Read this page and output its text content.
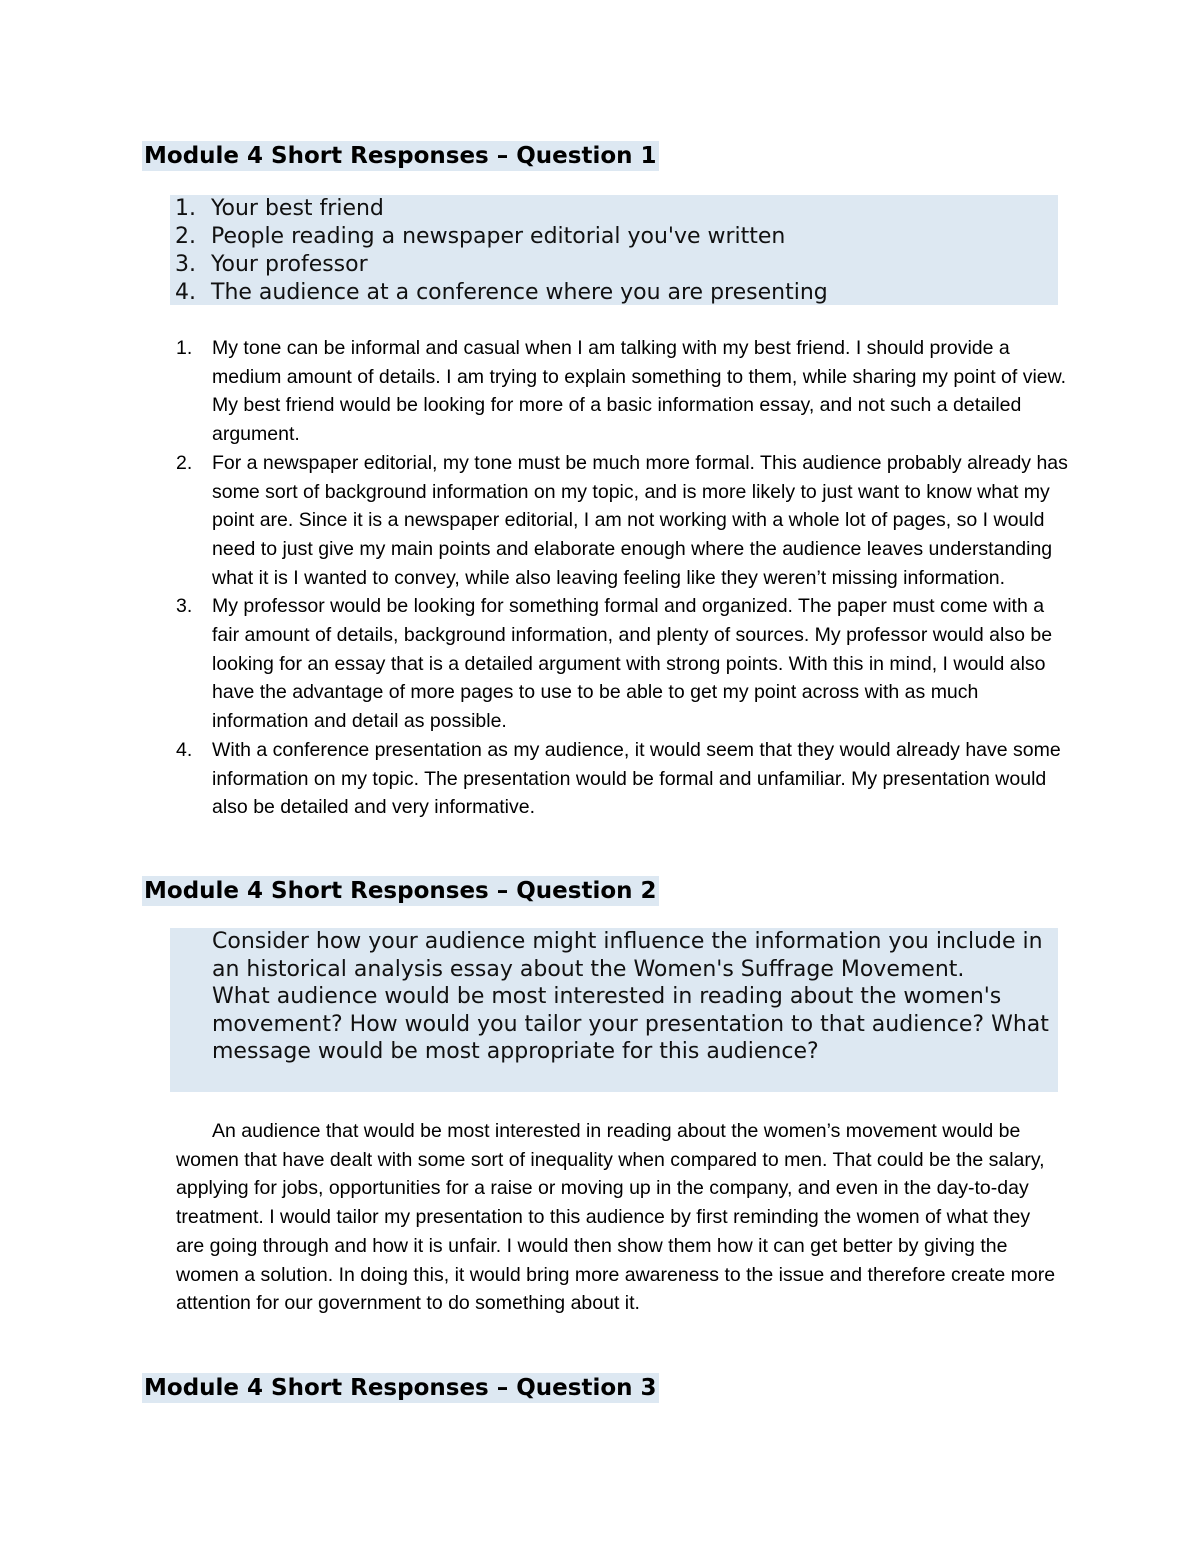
Module 4 Short Responses – Question 1
1. Your best friend
2. People reading a newspaper editorial you've written
3. Your professor
4. The audience at a conference where you are presenting
1. My tone can be informal and casual when I am talking with my best friend. I should provide a medium amount of details. I am trying to explain something to them, while sharing my point of view. My best friend would be looking for more of a basic information essay, and not such a detailed argument.
2. For a newspaper editorial, my tone must be much more formal. This audience probably already has some sort of background information on my topic, and is more likely to just want to know what my point are. Since it is a newspaper editorial, I am not working with a whole lot of pages, so I would need to just give my main points and elaborate enough where the audience leaves understanding what it is I wanted to convey, while also leaving feeling like they weren’t missing information.
3. My professor would be looking for something formal and organized. The paper must come with a fair amount of details, background information, and plenty of sources. My professor would also be looking for an essay that is a detailed argument with strong points. With this in mind, I would also have the advantage of more pages to use to be able to get my point across with as much information and detail as possible.
4. With a conference presentation as my audience, it would seem that they would already have some information on my topic. The presentation would be formal and unfamiliar. My presentation would also be detailed and very informative.
Module 4 Short Responses – Question 2

Consider how your audience might influence the information you include in an historical analysis essay about the Women's Suffrage Movement.

What audience would be most interested in reading about the women's movement? How would you tailor your presentation to that audience? What message would be most appropriate for this audience?

An audience that would be most interested in reading about the women’s movement would be women that have dealt with some sort of inequality when compared to men. That could be the salary, applying for jobs, opportunities for a raise or moving up in the company, and even in the day-to-day treatment. I would tailor my presentation to this audience by first reminding the women of what they are going through and how it is unfair. I would then show them how it can get better by giving the women a solution. In doing this, it would bring more awareness to the issue and therefore create more attention for our government to do something about it.
Module 4 Short Responses – Question 3
